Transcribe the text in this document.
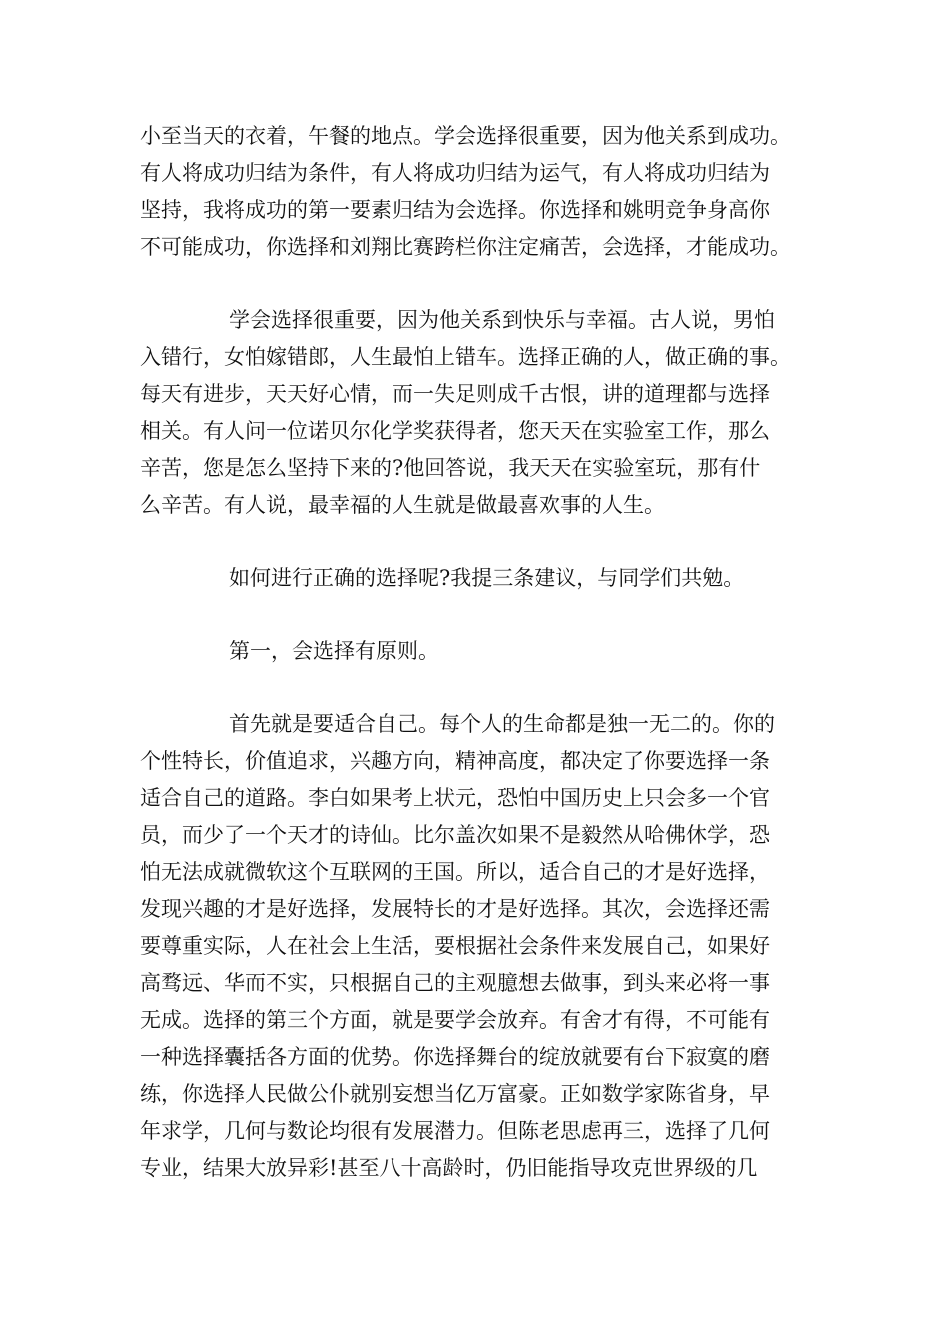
小至当天的衣着，午餐的地点。学会选择很重要，因为他关系到成功。
有人将成功归结为条件，有人将成功归结为运气，有人将成功归结为
坚持，我将成功的第一要素归结为会选择。你选择和姚明竞争身高你
不可能成功，你选择和刘翔比赛跨栏你注定痛苦，会选择，才能成功。
学会选择很重要，因为他关系到快乐与幸福。古人说，男怕
入错行，女怕嫁错郎，人生最怕上错车。选择正确的人，做正确的事。
每天有进步，天天好心情，而一失足则成千古恨，讲的道理都与选择
相关。有人问一位诺贝尔化学奖获得者，您天天在实验室工作，那么
辛苦，您是怎么坚持下来的?他回答说，我天天在实验室玩，那有什
么辛苦。有人说，最幸福的人生就是做最喜欢事的人生。
如何进行正确的选择呢?我提三条建议，与同学们共勉。
第一，会选择有原则。
首先就是要适合自己。每个人的生命都是独一无二的。你的
个性特长，价值追求，兴趣方向，精神高度，都决定了你要选择一条
适合自己的道路。李白如果考上状元，恐怕中国历史上只会多一个官
员，而少了一个天才的诗仙。比尔盖次如果不是毅然从哈佛休学，恐
怕无法成就微软这个互联网的王国。所以，适合自己的才是好选择，
发现兴趣的才是好选择，发展特长的才是好选择。其次，会选择还需
要尊重实际，人在社会上生活，要根据社会条件来发展自己，如果好
高骛远、华而不实，只根据自己的主观臆想去做事，到头来必将一事
无成。选择的第三个方面，就是要学会放弃。有舍才有得，不可能有
一种选择囊括各方面的优势。你选择舞台的绽放就要有台下寂寞的磨
练，你选择人民做公仆就别妄想当亿万富豪。正如数学家陈省身，早
年求学，几何与数论均很有发展潜力。但陈老思虑再三，选择了几何
专业，结果大放异彩!甚至八十高龄时，仍旧能指导攻克世界级的几
